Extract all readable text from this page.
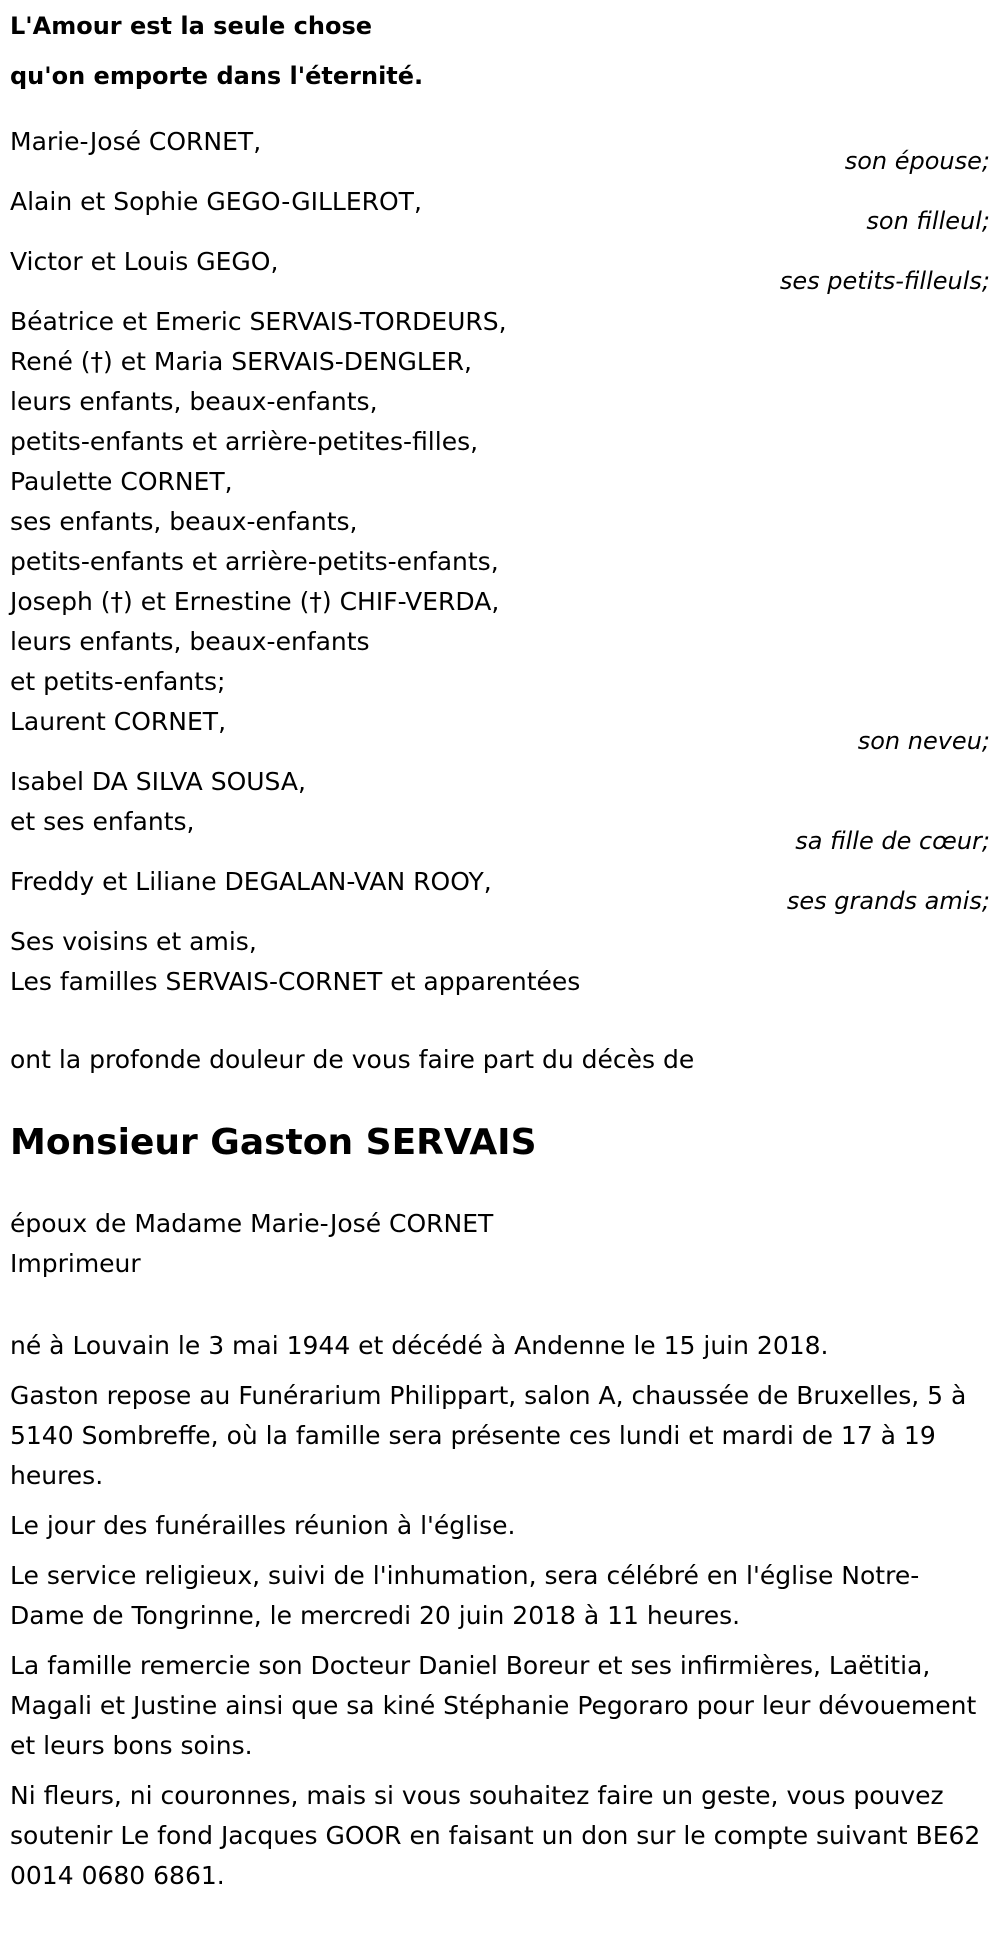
L'Amour est la seule chose

qu'on emporte dans l'éternité.

Marie-José CORNET,
son épouse;
Alain et Sophie GEGO-GILLEROT,
son filleul;
Victor et Louis GEGO,
ses petits-filleuls;
Béatrice et Emeric SERVAIS-TORDEURS,
René (†) et Maria SERVAIS-DENGLER,
leurs enfants, beaux-enfants,
petits-enfants et arrière-petites-filles,
Paulette CORNET,
ses enfants, beaux-enfants,
petits-enfants et arrière-petits-enfants,
Joseph (†) et Ernestine (†) CHIF-VERDA,
leurs enfants, beaux-enfants
et petits-enfants;
Laurent CORNET,
son neveu;
Isabel DA SILVA SOUSA,
et ses enfants,
sa fille de cœur;
Freddy et Liliane DEGALAN-VAN ROOY,
ses grands amis;
Ses voisins et amis,
Les familles SERVAIS-CORNET et apparentées
ont la profonde douleur de vous faire part du décès de
Monsieur Gaston SERVAIS
époux de Madame Marie-José CORNET
Imprimeur

né à Louvain le 3 mai 1944 et décédé à Andenne le 15 juin 2018.

Gaston repose au Funérarium Philippart, salon A, chaussée de Bruxelles, 5 à 5140 Sombreffe, où la famille sera présente ces lundi et mardi de 17 à 19 heures.

Le jour des funérailles réunion à l'église.

Le service religieux, suivi de l'inhumation, sera célébré en l'église Notre-Dame de Tongrinne, le mercredi 20 juin 2018 à 11 heures.

La famille remercie son Docteur Daniel Boreur et ses infirmières, Laëtitia, Magali et Justine ainsi que sa kiné Stéphanie Pegoraro pour leur dévouement et leurs bons soins.

Ni fleurs, ni couronnes, mais si vous souhaitez faire un geste, vous pouvez soutenir Le fond Jacques GOOR en faisant un don sur le compte suivant BE62 0014 0680 6861.
